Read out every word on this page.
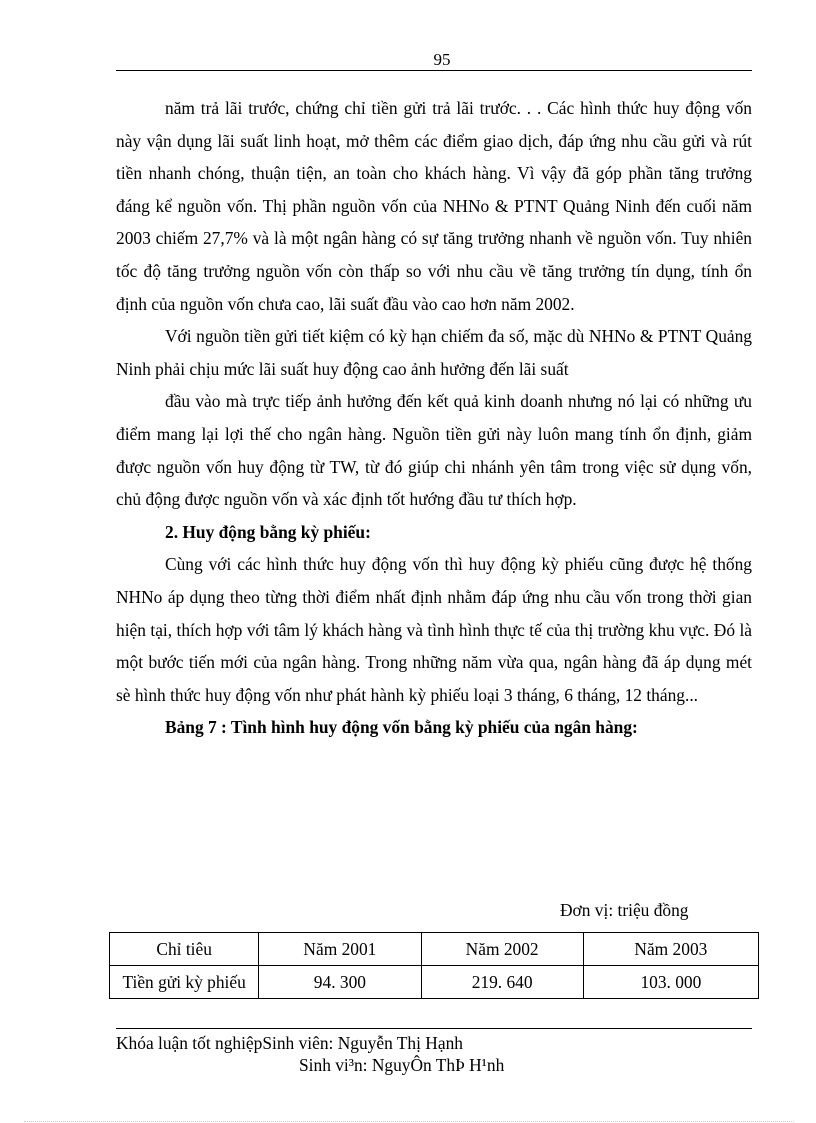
95

năm trả lãi trước, chứng chỉ tiền gửi trả lãi trước. . . Các hình thức huy động vốn này vận dụng lãi suất linh hoạt, mở thêm các điểm giao dịch, đáp ứng nhu cầu gửi và rút tiền nhanh chóng, thuận tiện, an toàn cho khách hàng. Vì vậy đã góp phần tăng trưởng đáng kể nguồn vốn. Thị phần nguồn vốn của NHNo & PTNT Quảng Ninh đến cuối năm 2003 chiếm 27,7% và là một ngân hàng có sự tăng trưởng nhanh về nguồn vốn. Tuy nhiên tốc độ tăng trưởng nguồn vốn còn thấp so với nhu cầu về tăng trưởng tín dụng, tính ổn định của nguồn vốn chưa cao, lãi suất đầu vào cao hơn năm 2002.

Với nguồn tiền gửi tiết kiệm có kỳ hạn chiếm đa số, mặc dù NHNo & PTNT Quảng Ninh phải chịu mức lãi suất huy động cao ảnh hưởng đến lãi suất

đầu vào mà trực tiếp ảnh hưởng đến kết quả kinh doanh nhưng nó lại có những ưu điểm mang lại lợi thế cho ngân hàng. Nguồn tiền gửi này luôn mang tính ổn định, giảm được nguồn vốn huy động từ TW, từ đó giúp chi nhánh yên tâm trong việc sử dụng vốn, chủ động được nguồn vốn và xác định tốt hướng đầu tư thích hợp.

2. Huy động bằng kỳ phiếu:

Cùng với các hình thức huy động vốn thì huy động kỳ phiếu cũng được hệ thống NHNo áp dụng theo từng thời điểm nhất định nhằm đáp ứng nhu cầu vốn trong thời gian hiện tại, thích hợp với tâm lý khách hàng và tình hình thực tế của thị trường khu vực. Đó là một bước tiến mới của ngân hàng. Trong những năm vừa qua, ngân hàng đã áp dụng mét sè hình thức huy động vốn như phát hành kỳ phiếu loại 3 tháng, 6 tháng, 12 tháng...

Bảng 7 : Tình hình huy động vốn bằng kỳ phiếu của ngân hàng:

Đơn vị: triệu đồng
Chỉ tiêu	Năm 2001	Năm 2002	Năm 2003
Tiền gửi kỳ phiếu	94. 300	219. 640	103. 000
Khóa luận tốt nghiệpSinh viên: Nguyễn Thị Hạnh
Sinh vi³n: NguyÔn ThÞ H¹nh
